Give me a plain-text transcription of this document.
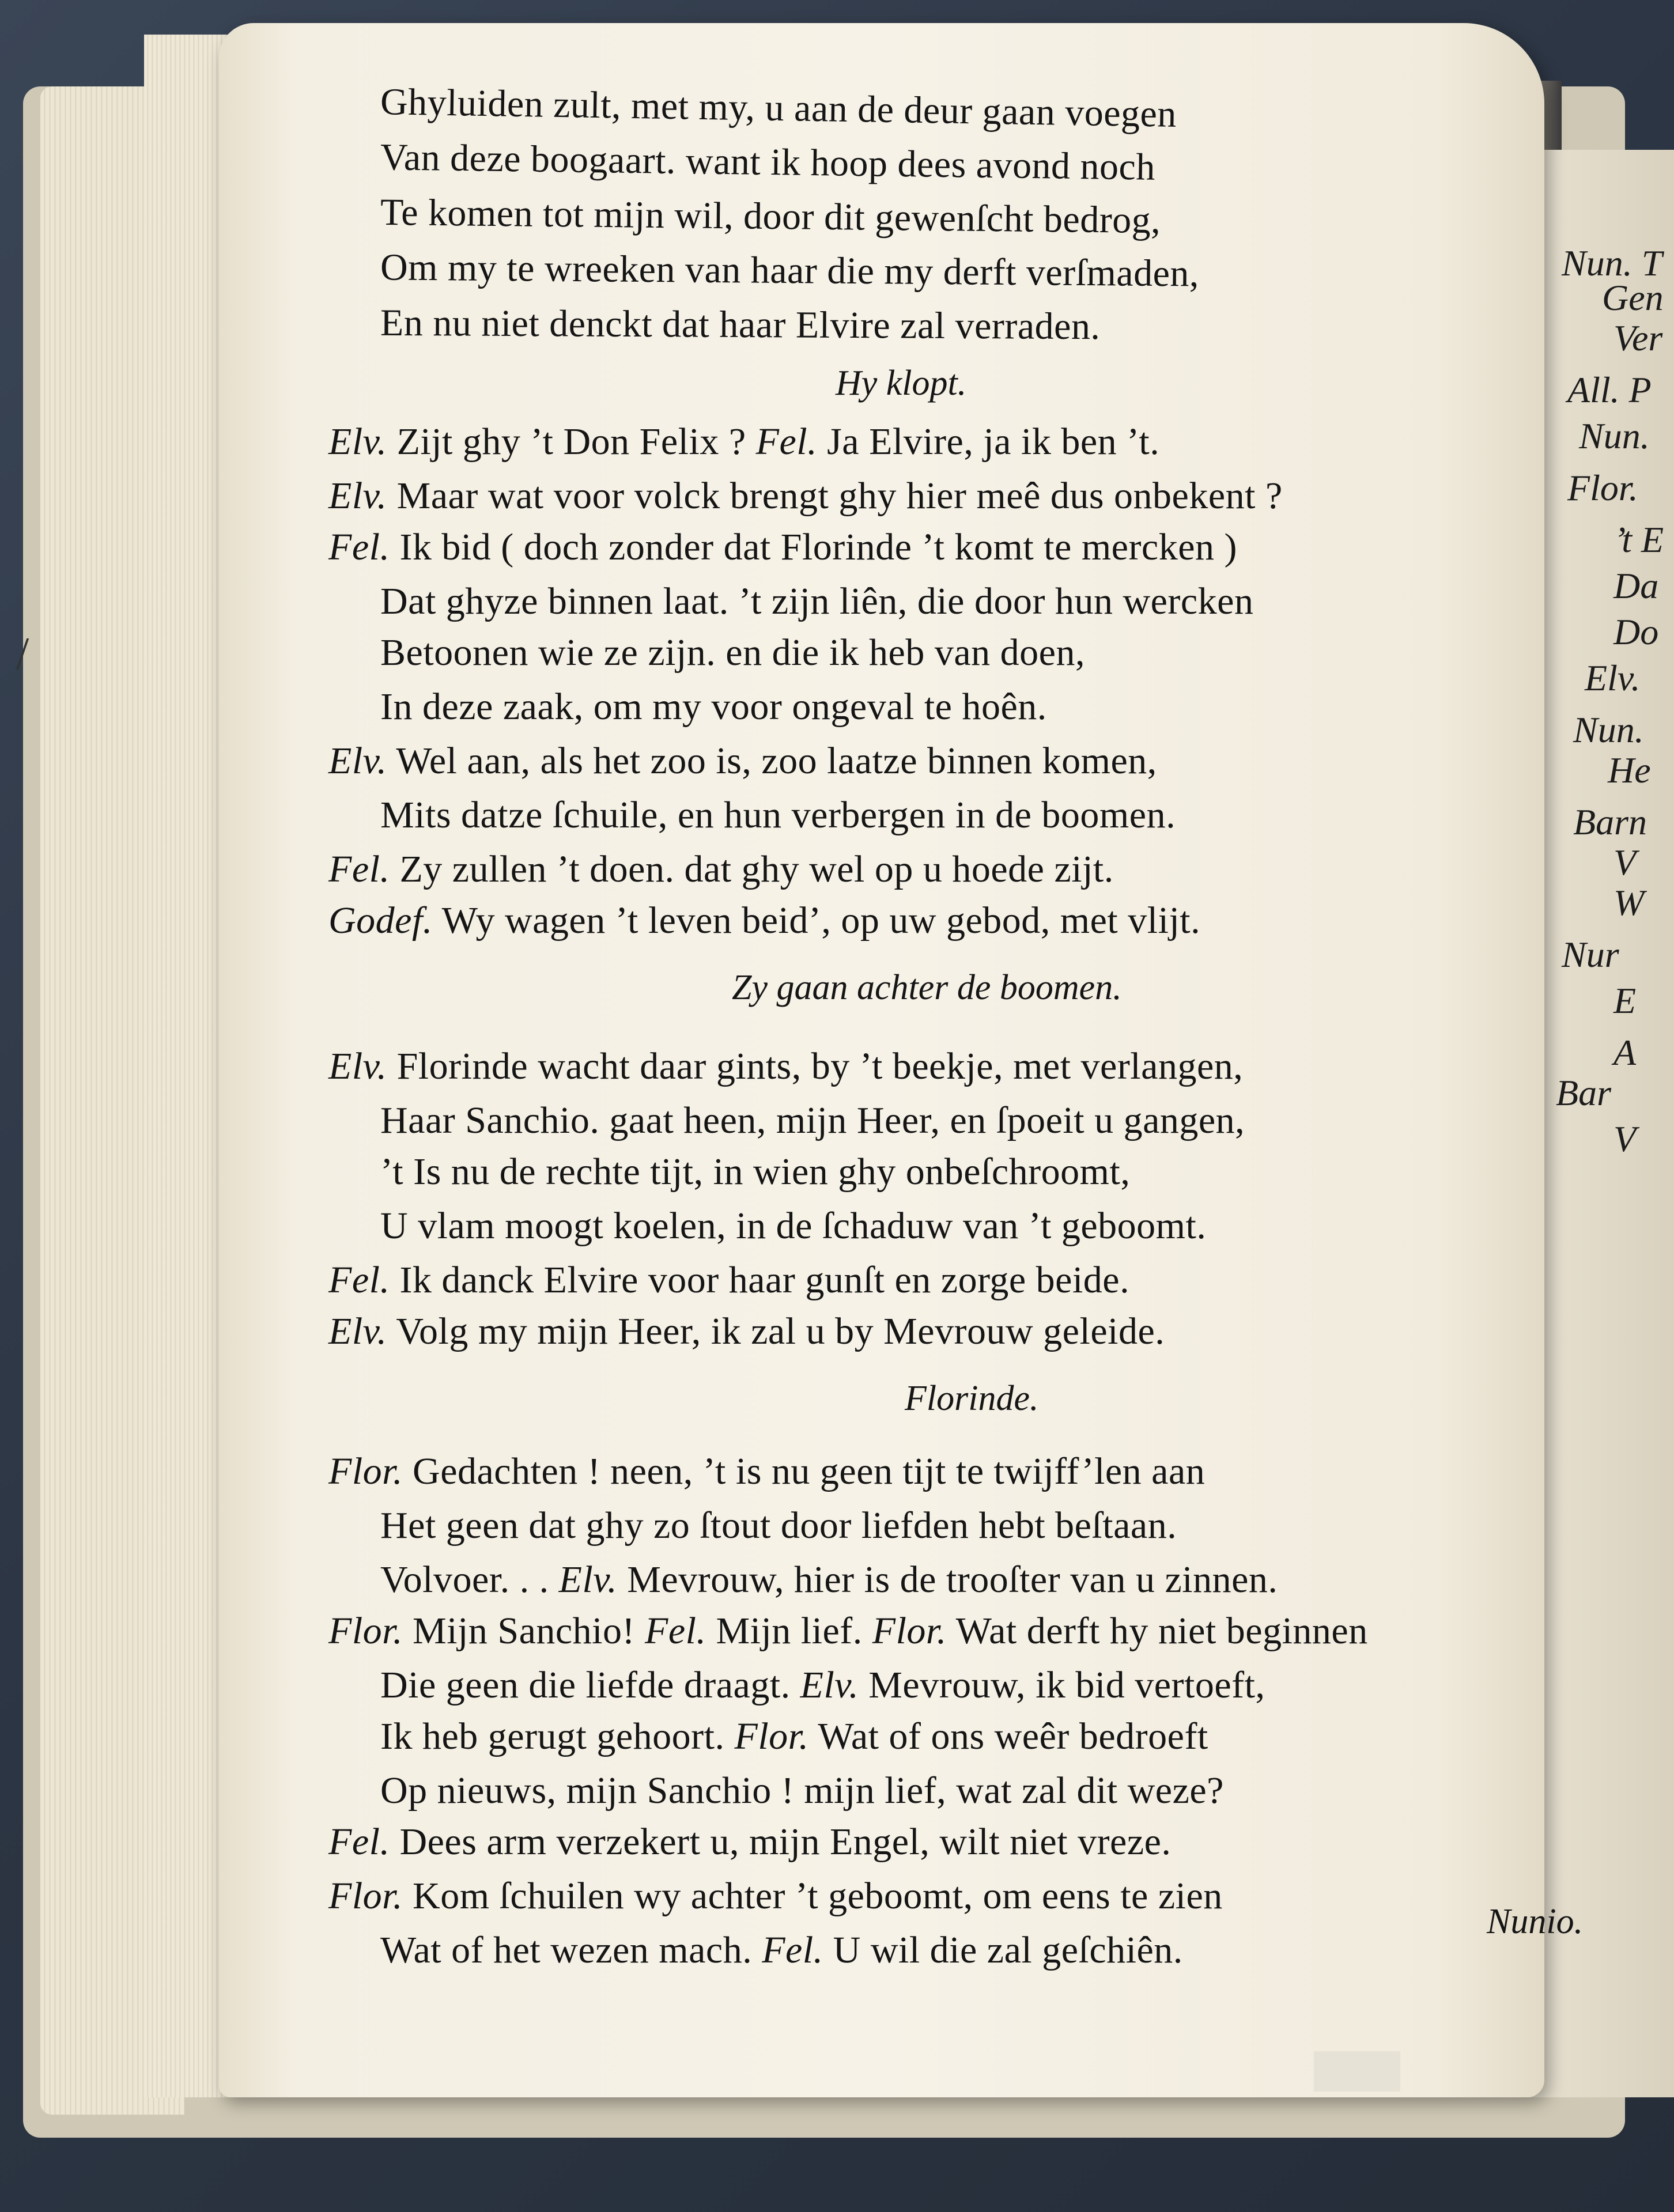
Nun. T
Gen
Ver
All. P
Nun.
Flor.
’t E
Da
Do
Elv.
Nun.
He
Barn
V
W
Nur
E
A
Bar
V
Ghyluiden zult, met my, u aan de deur gaan voegen
Van deze boogaart. want ik hoop dees avond noch
Te komen tot mijn wil, door dit gewenſcht bedrog,
Om my te wreeken van haar die my derft verſmaden,
En nu niet denckt dat haar Elvire zal verraden.
Hy klopt.
Elv. Zijt ghy ’t Don Felix ? Fel. Ja Elvire, ja ik ben ’t.
Elv. Maar wat voor volck brengt ghy hier meê dus onbekent ?
Fel. Ik bid ( doch zonder dat Florinde ’t komt te mercken )
Dat ghyze binnen laat. ’t zijn liên, die door hun wercken
Betoonen wie ze zijn. en die ik heb van doen,
In deze zaak, om my voor ongeval te hoên.
Elv. Wel aan, als het zoo is, zoo laatze binnen komen,
Mits datze ſchuile, en hun verbergen in de boomen.
Fel. Zy zullen ’t doen. dat ghy wel op u hoede zijt.
Godef. Wy wagen ’t leven beid’, op uw gebod, met vlijt.
Zy gaan achter de boomen.
Elv. Florinde wacht daar gints, by ’t beekje, met verlangen,
Haar Sanchio. gaat heen, mijn Heer, en ſpoeit u gangen,
’t Is nu de rechte tijt, in wien ghy onbeſchroomt,
U vlam moogt koelen, in de ſchaduw van ’t geboomt.
Fel. Ik danck Elvire voor haar gunſt en zorge beide.
Elv. Volg my mijn Heer, ik zal u by Mevrouw geleide.
Florinde.
Flor. Gedachten ! neen, ’t is nu geen tijt te twijff’len aan
Het geen dat ghy zo ſtout door liefden hebt beſtaan.
Volvoer. . . Elv. Mevrouw, hier is de trooſter van u zinnen.
Flor. Mijn Sanchio! Fel. Mijn lief. Flor. Wat derft hy niet beginnen
Die geen die liefde draagt. Elv. Mevrouw, ik bid vertoeft,
Ik heb gerugt gehoort. Flor. Wat of ons weêr bedroeft
Op nieuws, mijn Sanchio ! mijn lief, wat zal dit weze?
Fel. Dees arm verzekert u, mijn Engel, wilt niet vreze.
Flor. Kom ſchuilen wy achter ’t geboomt, om eens te zien
Wat of het wezen mach. Fel. U wil die zal geſchiên.
Nunio.
/
